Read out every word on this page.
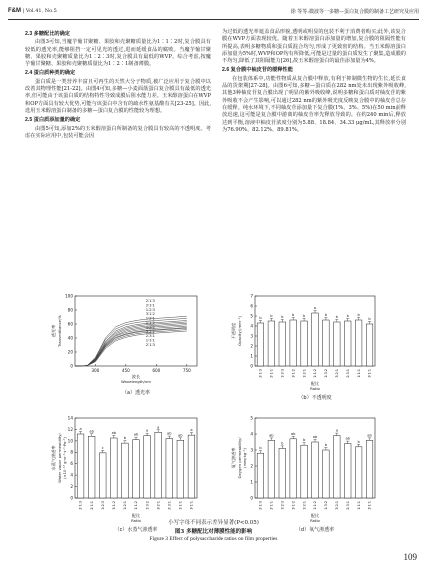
F&M | Vol.41, No.5	徐 等等:微波等一多糖—蛋白复合膜的制备工艺研究及应用
2.3 多糖配比的确定

由图3可知,当魔芋葡甘聚糖、果胶和壳聚糖质量比为1∶1∶2时,复合膜具有较低的透光率,能够阻挡一定可见光的透过,进而延缓食品的腐败。当魔芋葡甘聚糖、果胶和壳聚糖质量比为1∶2∶3时,复合膜具有最低的WVP。综合考虑,按魔芋葡甘聚糖、果胶和壳聚糖质量比为1∶2∶1制备薄膜。

2.4 蛋白质种类的确定

蛋白质是一类营养丰富且可再生的天然大分子物质,被广泛应用于复合膜中以改善其物理性能[21-22]。由图4可知,多糖—小麦面筋蛋白复合膜具有最低的透光率,但可能由于该蛋白质的结构特性导致成膜后阻水能力差。玉米醇溶蛋白在WVP和OP方面具有较大优势,可能与该蛋白中含有的疏水性氨基酸有关[23-25]。因此,选用玉米醇溶蛋白制备的多糖—蛋白复合膜的性能较为理想。

2.5 蛋白质添加量的确定

由图5可知,添加2%的玉米醇溶蛋白所制备的复合膜具有较高的不透明度。考虑在实际应用中,包装可能会因

为过低的透光率遮盖食品形貌,透明或明显的包装不利于消费者购买;此外,该复合膜在WVP方面表现较优。随着玉米醇溶蛋白添加量的增加,复合膜的阻隔性能有所提高,表明多糖物质和蛋白质混合均匀,形成了更致密的结构。当玉米醇溶蛋白添加量为5%时,WVP和OP均有所降低,可能是过量的蛋白质发生了聚集,造成膜的不均匀,降低了其阻隔能力[26],故玉米醇溶蛋白的最佳添加量为4%。

2.6 复合膜中柚皮苷的缓释性能

在包装体系中,功能性物质从复合膜中释放,有利于抑制微生物的生长,延长食品的货架期[27-28]。由图6可知,多糖—蛋白质在282 nm处未出现紫外吸收峰,其他3种柚皮苷复合膜出现了明显的紫外吸收峰,说明多糖和蛋白质对柚皮苷的紫外吸收不会产生影响,可以通过282 nm的紫外吸光度反映复合膜中的柚皮苷总存在缓释。纯水环境下,不同柚皮苷添加量下复合膜(1%、3%、5%)在50 min前释放迅速,这可能是复合膜中游离的柚皮苷率先释放导致的。在约240 min后,释放达到平衡,溶液中柚皮苷浓度分别为5.88、18.84、34.33 μg/mL,其释放率分别为76.90%、82.12%、89.81%。

0
20
40
60
80
100
透光率 Transmittance/%
300	450	600	750
2∶1∶3
2∶1∶1
1∶2∶3
3∶1∶2
1∶2∶1
1∶1∶2
1∶3∶2
3∶2∶1
2∶3∶1
1∶1∶1
2∶1∶3
波长
Wavelength/nm
（a）透光率
0
1
2
3
4
5
6
7
不透明度 Opacity/(mm⁻¹)	b
2∶1∶3
b
2∶1∶1
b
1∶2∶3
b
3∶1∶2
b
1∶2∶1
a
1∶1∶2
b
1∶3∶2
b
3∶2∶1
b
2∶3∶1
b
1∶1∶1
b
3∶1∶1
配比
Ratio
（b）不透明度
0
2
4
6
8
10
12
14
水蒸气渗透率 Water vapor permeability/ (×10⁻¹³ g·m⁻¹·s⁻¹·Pa⁻¹)
a
2∶1∶3
ab
2∶1∶1
c
1∶2∶3
ab
3∶1∶2
b
1∶2∶1
ab
1∶1∶2
a
1∶3∶2
a
3∶2∶1
ab
2∶3∶1
ab
1∶1∶1
a
3∶1∶1
配比
Ratio
（c）水蒸气渗透率
0
1
2
3
4
5
氧气渗透率 Oxygen permeability/ (meq·kg⁻¹)	b
2∶1∶3
ab
2∶1∶1
b
1∶2∶3
ab
3∶1∶2
b
1∶2∶1
ab
1∶1∶2
b
1∶3∶2
a
3∶2∶1
ab
2∶3∶1
b
1∶1∶1
ab
3∶1∶1
配比
Ratio
（d）氧气渗透率
小写字母不同表示差异显著(P<0.05)
图3 多糖配比对薄膜性能的影响
Figure 3 Effect of polysaccharide ratios on film properties
109
